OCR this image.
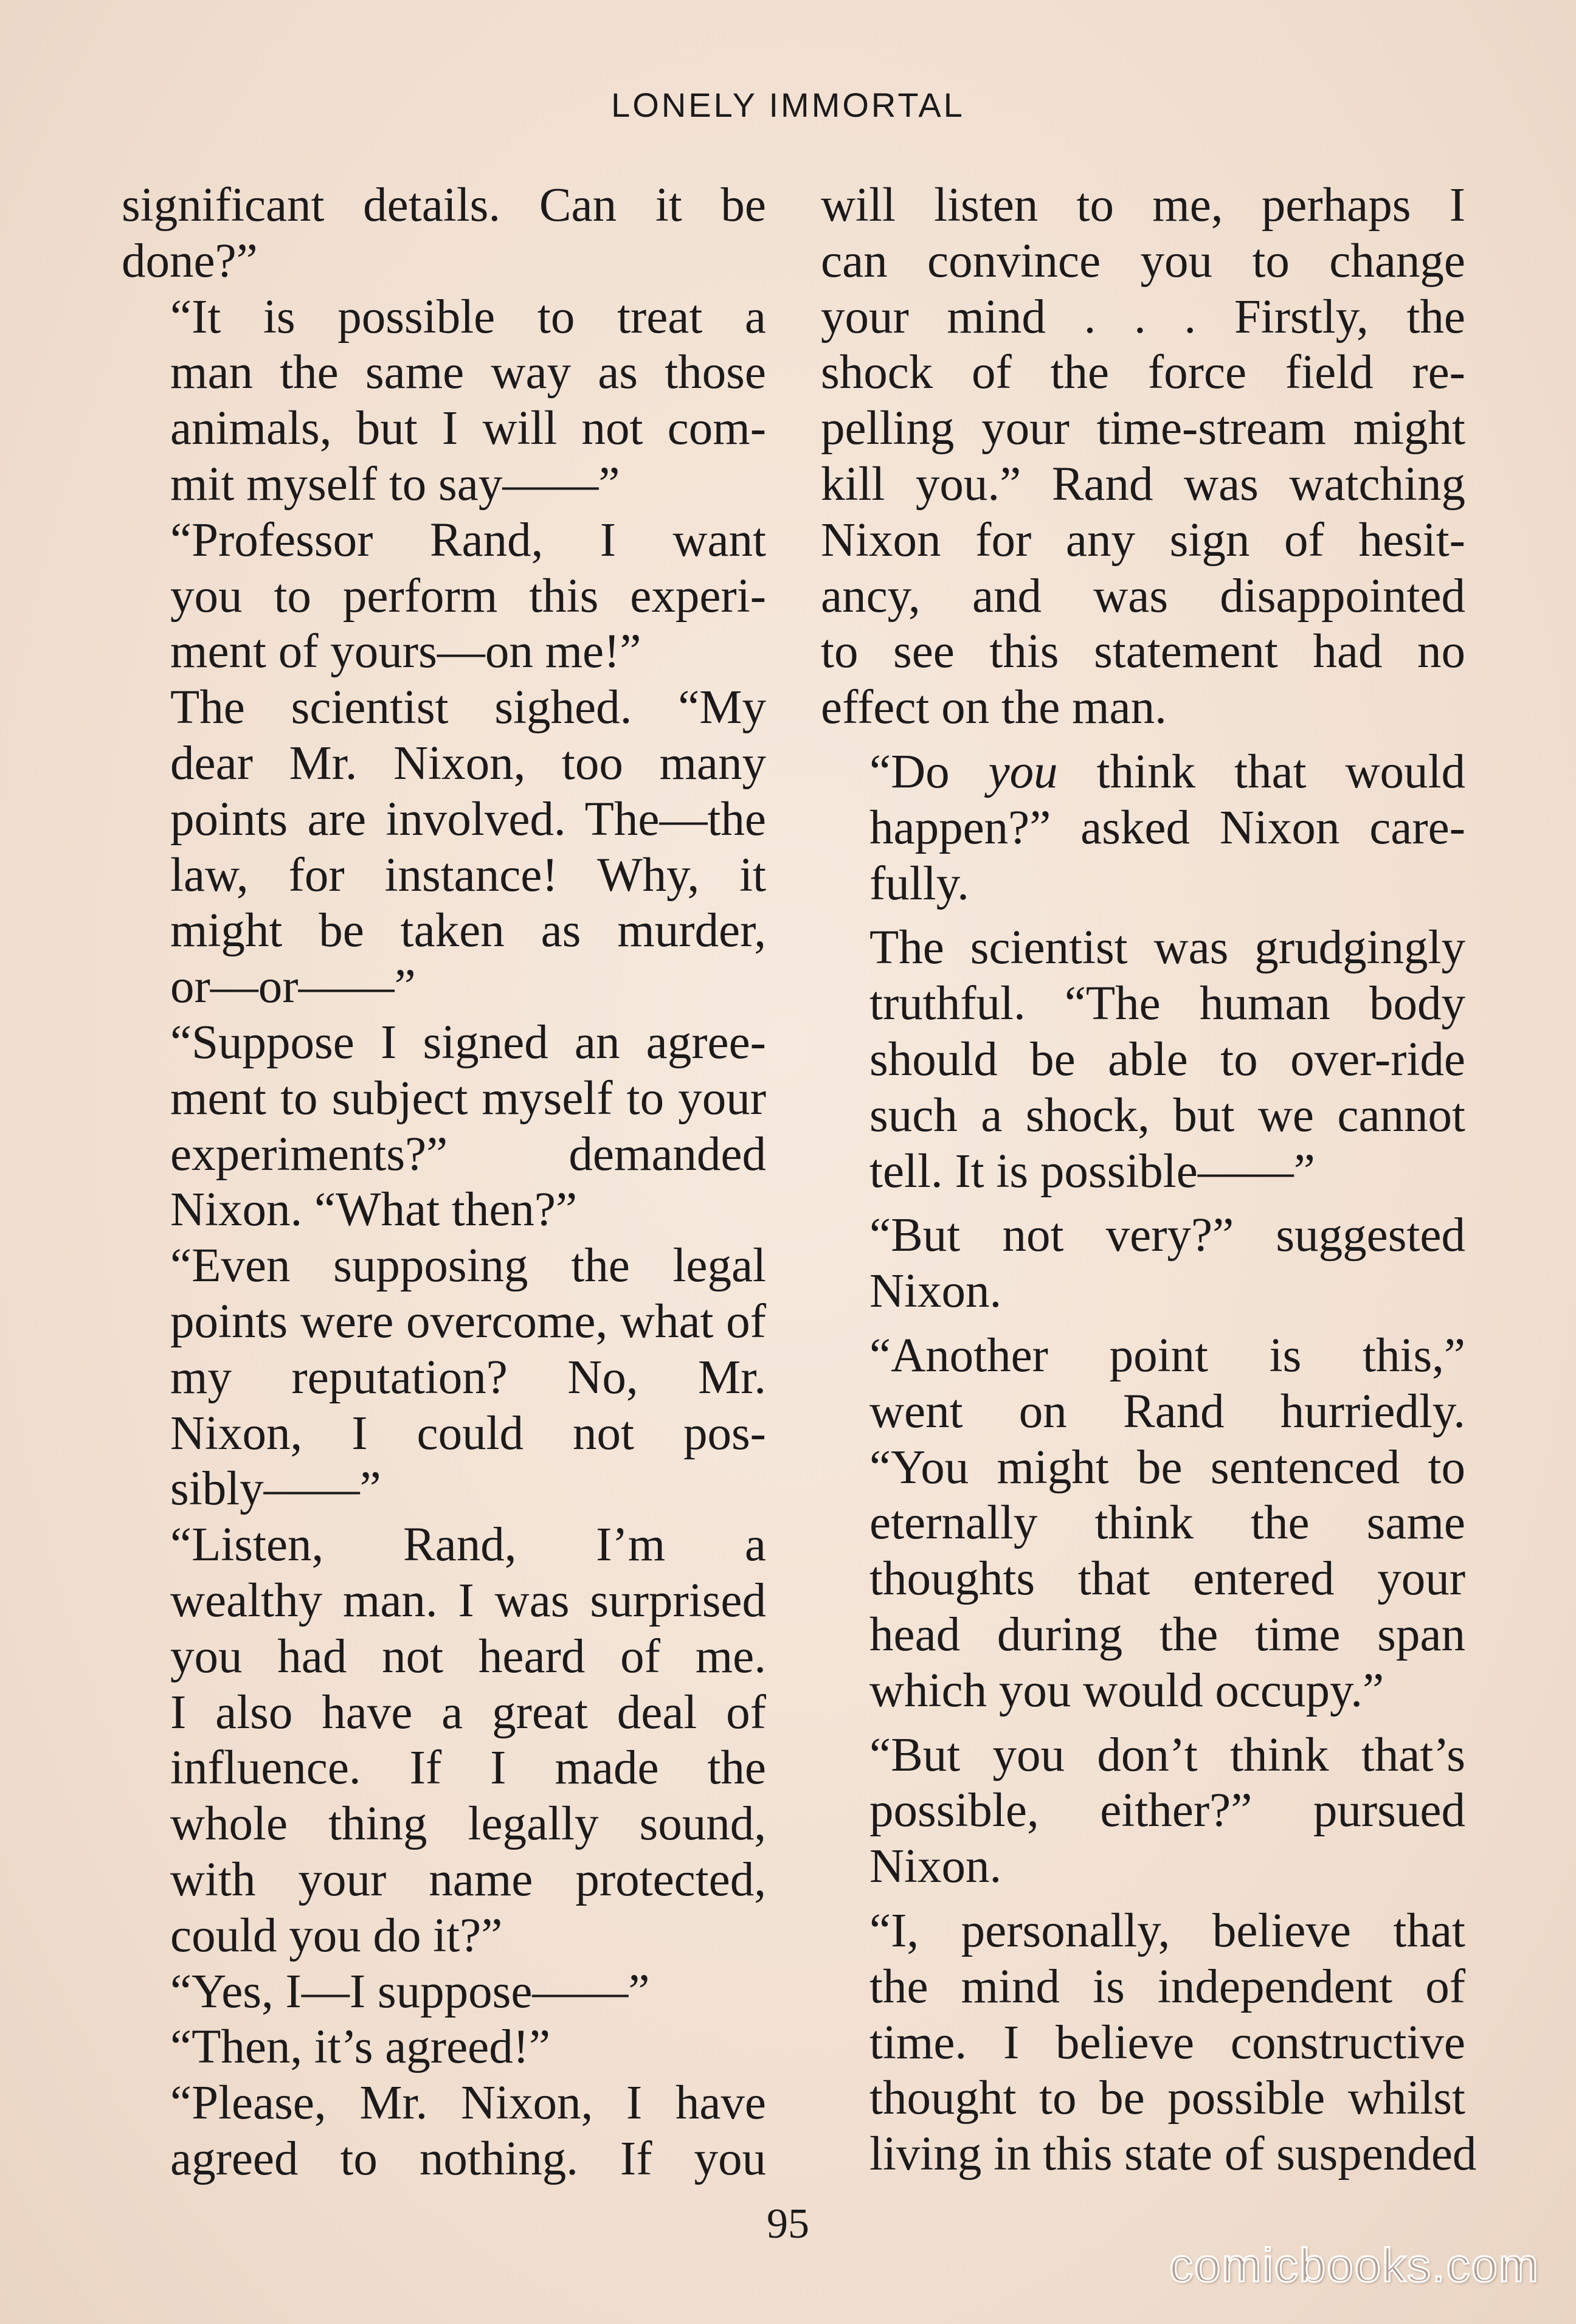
LONELY IMMORTAL

significant details. Can it be
done?”

“It is possible to treat a
man the same way as those
animals, but I will not com-
mit myself to say——”

“Professor Rand, I want
you to perform this experi-
ment of yours—on me!”

The scientist sighed. “My
dear Mr. Nixon, too many
points are involved. The—the
law, for instance! Why, it
might be taken as murder,
or—or——”

“Suppose I signed an agree-
ment to subject myself to your
experiments?” demanded
Nixon. “What then?”

“Even supposing the legal
points were overcome, what of
my reputation? No, Mr.
Nixon, I could not pos-
sibly——”

“Listen, Rand, I’m a
wealthy man. I was surprised
you had not heard of me.
I also have a great deal of
influence. If I made the
whole thing legally sound,
with your name protected,
could you do it?”

“Yes, I—I suppose——”

“Then, it’s agreed!”

“Please, Mr. Nixon, I have
agreed to nothing. If you

will listen to me, perhaps I
can convince you to change
your mind . . . Firstly, the
shock of the force field re-
pelling your time-stream might
kill you.” Rand was watching
Nixon for any sign of hesit-
ancy, and was disappointed
to see this statement had no
effect on the man.

“Do you think that would
happen?” asked Nixon care-
fully.

The scientist was grudgingly
truthful. “The human body
should be able to over-ride
such a shock, but we cannot
tell. It is possible——”

“But not very?” suggested
Nixon.

“Another point is this,”
went on Rand hurriedly.
“You might be sentenced to
eternally think the same
thoughts that entered your
head during the time span
which you would occupy.”

“But you don’t think that’s
possible, either?” pursued
Nixon.

“I, personally, believe that
the mind is independent of
time. I believe constructive
thought to be possible whilst
living in this state of suspended

95
comicbooks.com
